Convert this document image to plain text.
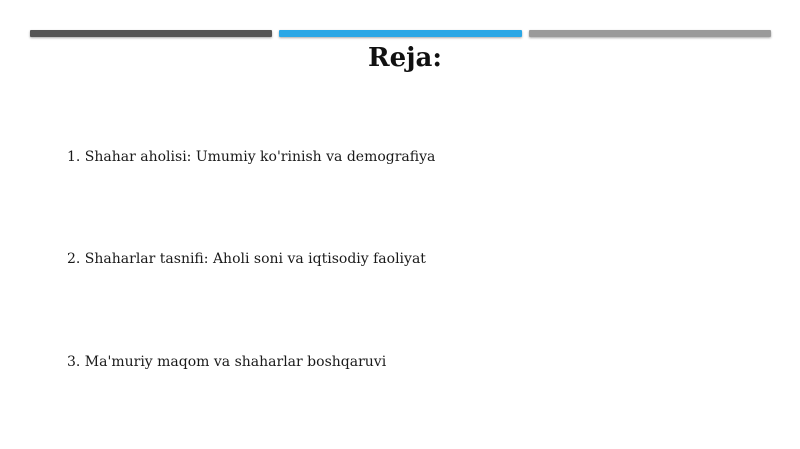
Reja:

1. Shahar aholisi: Umumiy ko'rinish va demografiya

2. Shaharlar tasnifi: Aholi soni va iqtisodiy faoliyat

3. Ma'muriy maqom va shaharlar boshqaruvi
